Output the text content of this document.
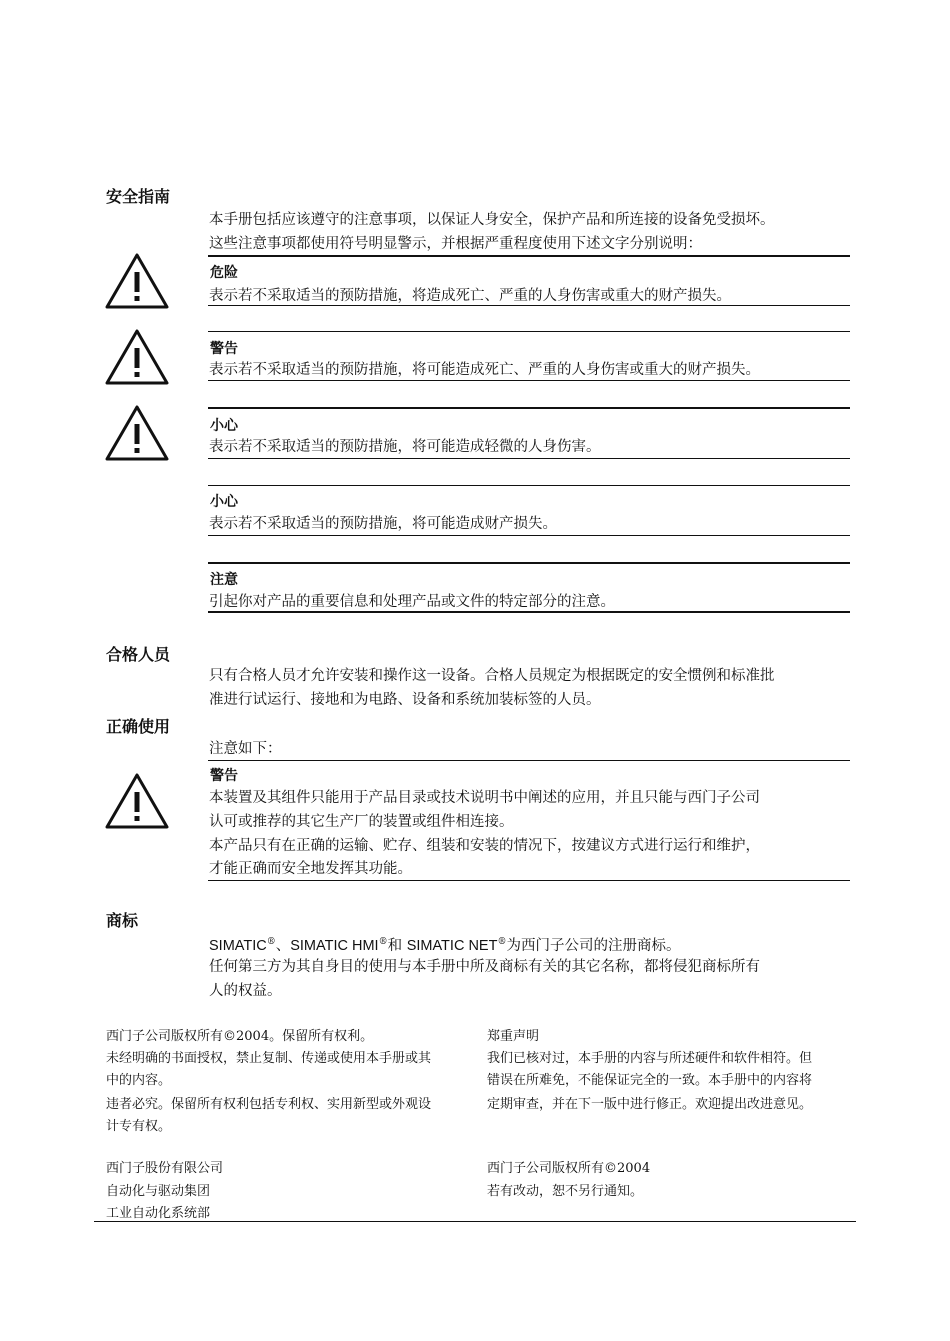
安全指南
本手册包括应该遵守的注意事项，以保证人身安全，保护产品和所连接的设备免受损坏。
这些注意事项都使用符号明显警示，并根据严重程度使用下述文字分别说明：
危险
表示若不采取适当的预防措施，将造成死亡、严重的人身伤害或重大的财产损失。
警告
表示若不采取适当的预防措施，将可能造成死亡、严重的人身伤害或重大的财产损失。
小心
表示若不采取适当的预防措施，将可能造成轻微的人身伤害。
小心
表示若不采取适当的预防措施，将可能造成财产损失。
注意
引起你对产品的重要信息和处理产品或文件的特定部分的注意。
合格人员
只有合格人员才允许安装和操作这一设备。合格人员规定为根据既定的安全惯例和标准批
准进行试运行、接地和为电路、设备和系统加装标签的人员。
正确使用
注意如下：
警告
本装置及其组件只能用于产品目录或技术说明书中阐述的应用，并且只能与西门子公司
认可或推荐的其它生产厂的装置或组件相连接。
本产品只有在正确的运输、贮存、组装和安装的情况下，按建议方式进行运行和维护，
才能正确而安全地发挥其功能。
商标
SIMATIC®、SIMATIC HMI®和 SIMATIC NET®为西门子公司的注册商标。
任何第三方为其自身目的使用与本手册中所及商标有关的其它名称，都将侵犯商标所有
人的权益。
西门子公司版权所有©2004。保留所有权利。
未经明确的书面授权，禁止复制、传递或使用本手册或其
中的内容。
违者必究。保留所有权利包括专利权、实用新型或外观设
计专有权。
郑重声明
我们已核对过，本手册的内容与所述硬件和软件相符。但
错误在所难免，不能保证完全的一致。本手册中的内容将
定期审查，并在下一版中进行修正。欢迎提出改进意见。
西门子股份有限公司
自动化与驱动集团
工业自动化系统部
西门子公司版权所有©2004
若有改动，恕不另行通知。
